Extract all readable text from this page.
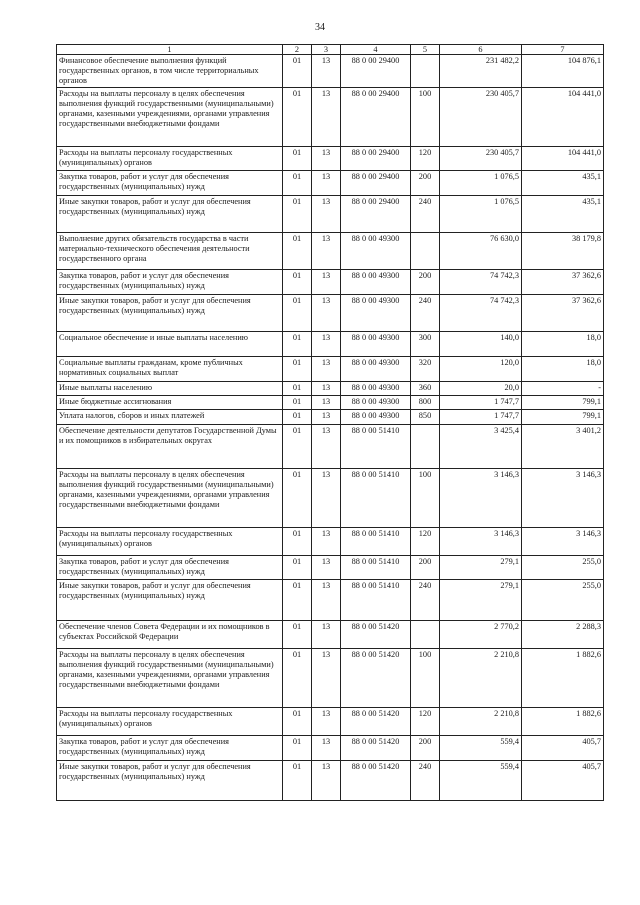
34
1	2	3	4	5	6	7
Финансовое обеспечение выполнения функций государственных органов, в том числе территориальных органов	01	13	88 0 00 29400		231 482,2	104 876,1
Расходы на выплаты персоналу в целях обеспечения выполнения функций государственными (муниципальными) органами, казенными учреждениями, органами управления государственными внебюджетными фондами	01	13	88 0 00 29400	100	230 405,7	104 441,0
Расходы на выплаты персоналу государственных (муниципальных) органов	01	13	88 0 00 29400	120	230 405,7	104 441,0
Закупка товаров, работ и услуг для обеспечения государственных (муниципальных) нужд	01	13	88 0 00 29400	200	1 076,5	435,1
Иные закупки товаров, работ и услуг для обеспечения государственных (муниципальных) нужд	01	13	88 0 00 29400	240	1 076,5	435,1
Выполнение других обязательств государства в части материально-технического обеспечения деятельности государственного органа	01	13	88 0 00 49300		76 630,0	38 179,8
Закупка товаров, работ и услуг для обеспечения государственных (муниципальных) нужд	01	13	88 0 00 49300	200	74 742,3	37 362,6
Иные закупки товаров, работ и услуг для обеспечения государственных (муниципальных) нужд	01	13	88 0 00 49300	240	74 742,3	37 362,6
Социальное обеспечение и иные выплаты населению	01	13	88 0 00 49300	300	140,0	18,0
Социальные выплаты гражданам, кроме публичных нормативных социальных выплат	01	13	88 0 00 49300	320	120,0	18,0
Иные выплаты населению	01	13	88 0 00 49300	360	20,0	-
Иные бюджетные ассигнования	01	13	88 0 00 49300	800	1 747,7	799,1
Уплата налогов, сборов и иных платежей	01	13	88 0 00 49300	850	1 747,7	799,1
Обеспечение деятельности депутатов Государственной Думы и их помощников в избирательных округах	01	13	88 0 00 51410		3 425,4	3 401,2
Расходы на выплаты персоналу в целях обеспечения выполнения функций государственными (муниципальными) органами, казенными учреждениями, органами управления государственными внебюджетными фондами	01	13	88 0 00 51410	100	3 146,3	3 146,3
Расходы на выплаты персоналу государственных (муниципальных) органов	01	13	88 0 00 51410	120	3 146,3	3 146,3
Закупка товаров, работ и услуг для обеспечения государственных (муниципальных) нужд	01	13	88 0 00 51410	200	279,1	255,0
Иные закупки товаров, работ и услуг для обеспечения государственных (муниципальных) нужд	01	13	88 0 00 51410	240	279,1	255,0
Обеспечение членов Совета Федерации и их помощников в субъектах Российской Федерации	01	13	88 0 00 51420		2 770,2	2 288,3
Расходы на выплаты персоналу в целях обеспечения выполнения функций государственными (муниципальными) органами, казенными учреждениями, органами управления государственными внебюджетными фондами	01	13	88 0 00 51420	100	2 210,8	1 882,6
Расходы на выплаты персоналу государственных (муниципальных) органов	01	13	88 0 00 51420	120	2 210,8	1 882,6
Закупка товаров, работ и услуг для обеспечения государственных (муниципальных) нужд	01	13	88 0 00 51420	200	559,4	405,7
Иные закупки товаров, работ и услуг для обеспечения государственных (муниципальных) нужд	01	13	88 0 00 51420	240	559,4	405,7
